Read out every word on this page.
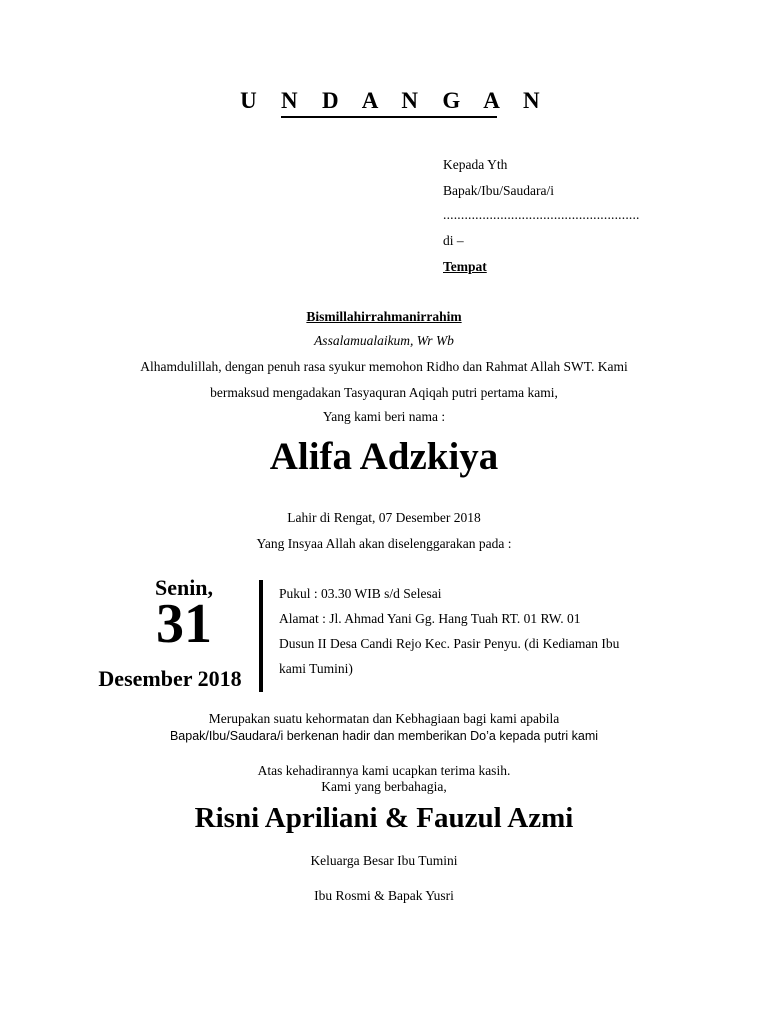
U N D A N G A N
Kepada Yth
Bapak/Ibu/Saudara/i
.......................................................
di –
Tempat
Bismillahirrahmanirrahim
Assalamualaikum, Wr Wb
Alhamdulillah, dengan penuh rasa syukur memohon Ridho dan Rahmat Allah SWT. Kami
bermaksud mengadakan Tasyaquran Aqiqah putri pertama kami,
Yang kami beri nama :
Alifa Adzkiya
Lahir di Rengat, 07 Desember 2018
Yang Insyaa Allah akan diselenggarakan pada :
Senin,
31
Desember 2018
Pukul : 03.30 WIB s/d Selesai
Alamat : Jl. Ahmad Yani Gg. Hang Tuah RT. 01 RW. 01
Dusun II Desa Candi Rejo Kec. Pasir Penyu. (di Kediaman Ibu
kami Tumini)
Merupakan suatu kehormatan dan Kebhagiaan bagi kami apabila
Bapak/Ibu/Saudara/i berkenan hadir dan memberikan Do’a kepada putri kami
Atas kehadirannya kami ucapkan terima kasih.
Kami yang berbahagia,
Risni Apriliani & Fauzul Azmi
Keluarga Besar Ibu Tumini
Ibu Rosmi & Bapak Yusri
